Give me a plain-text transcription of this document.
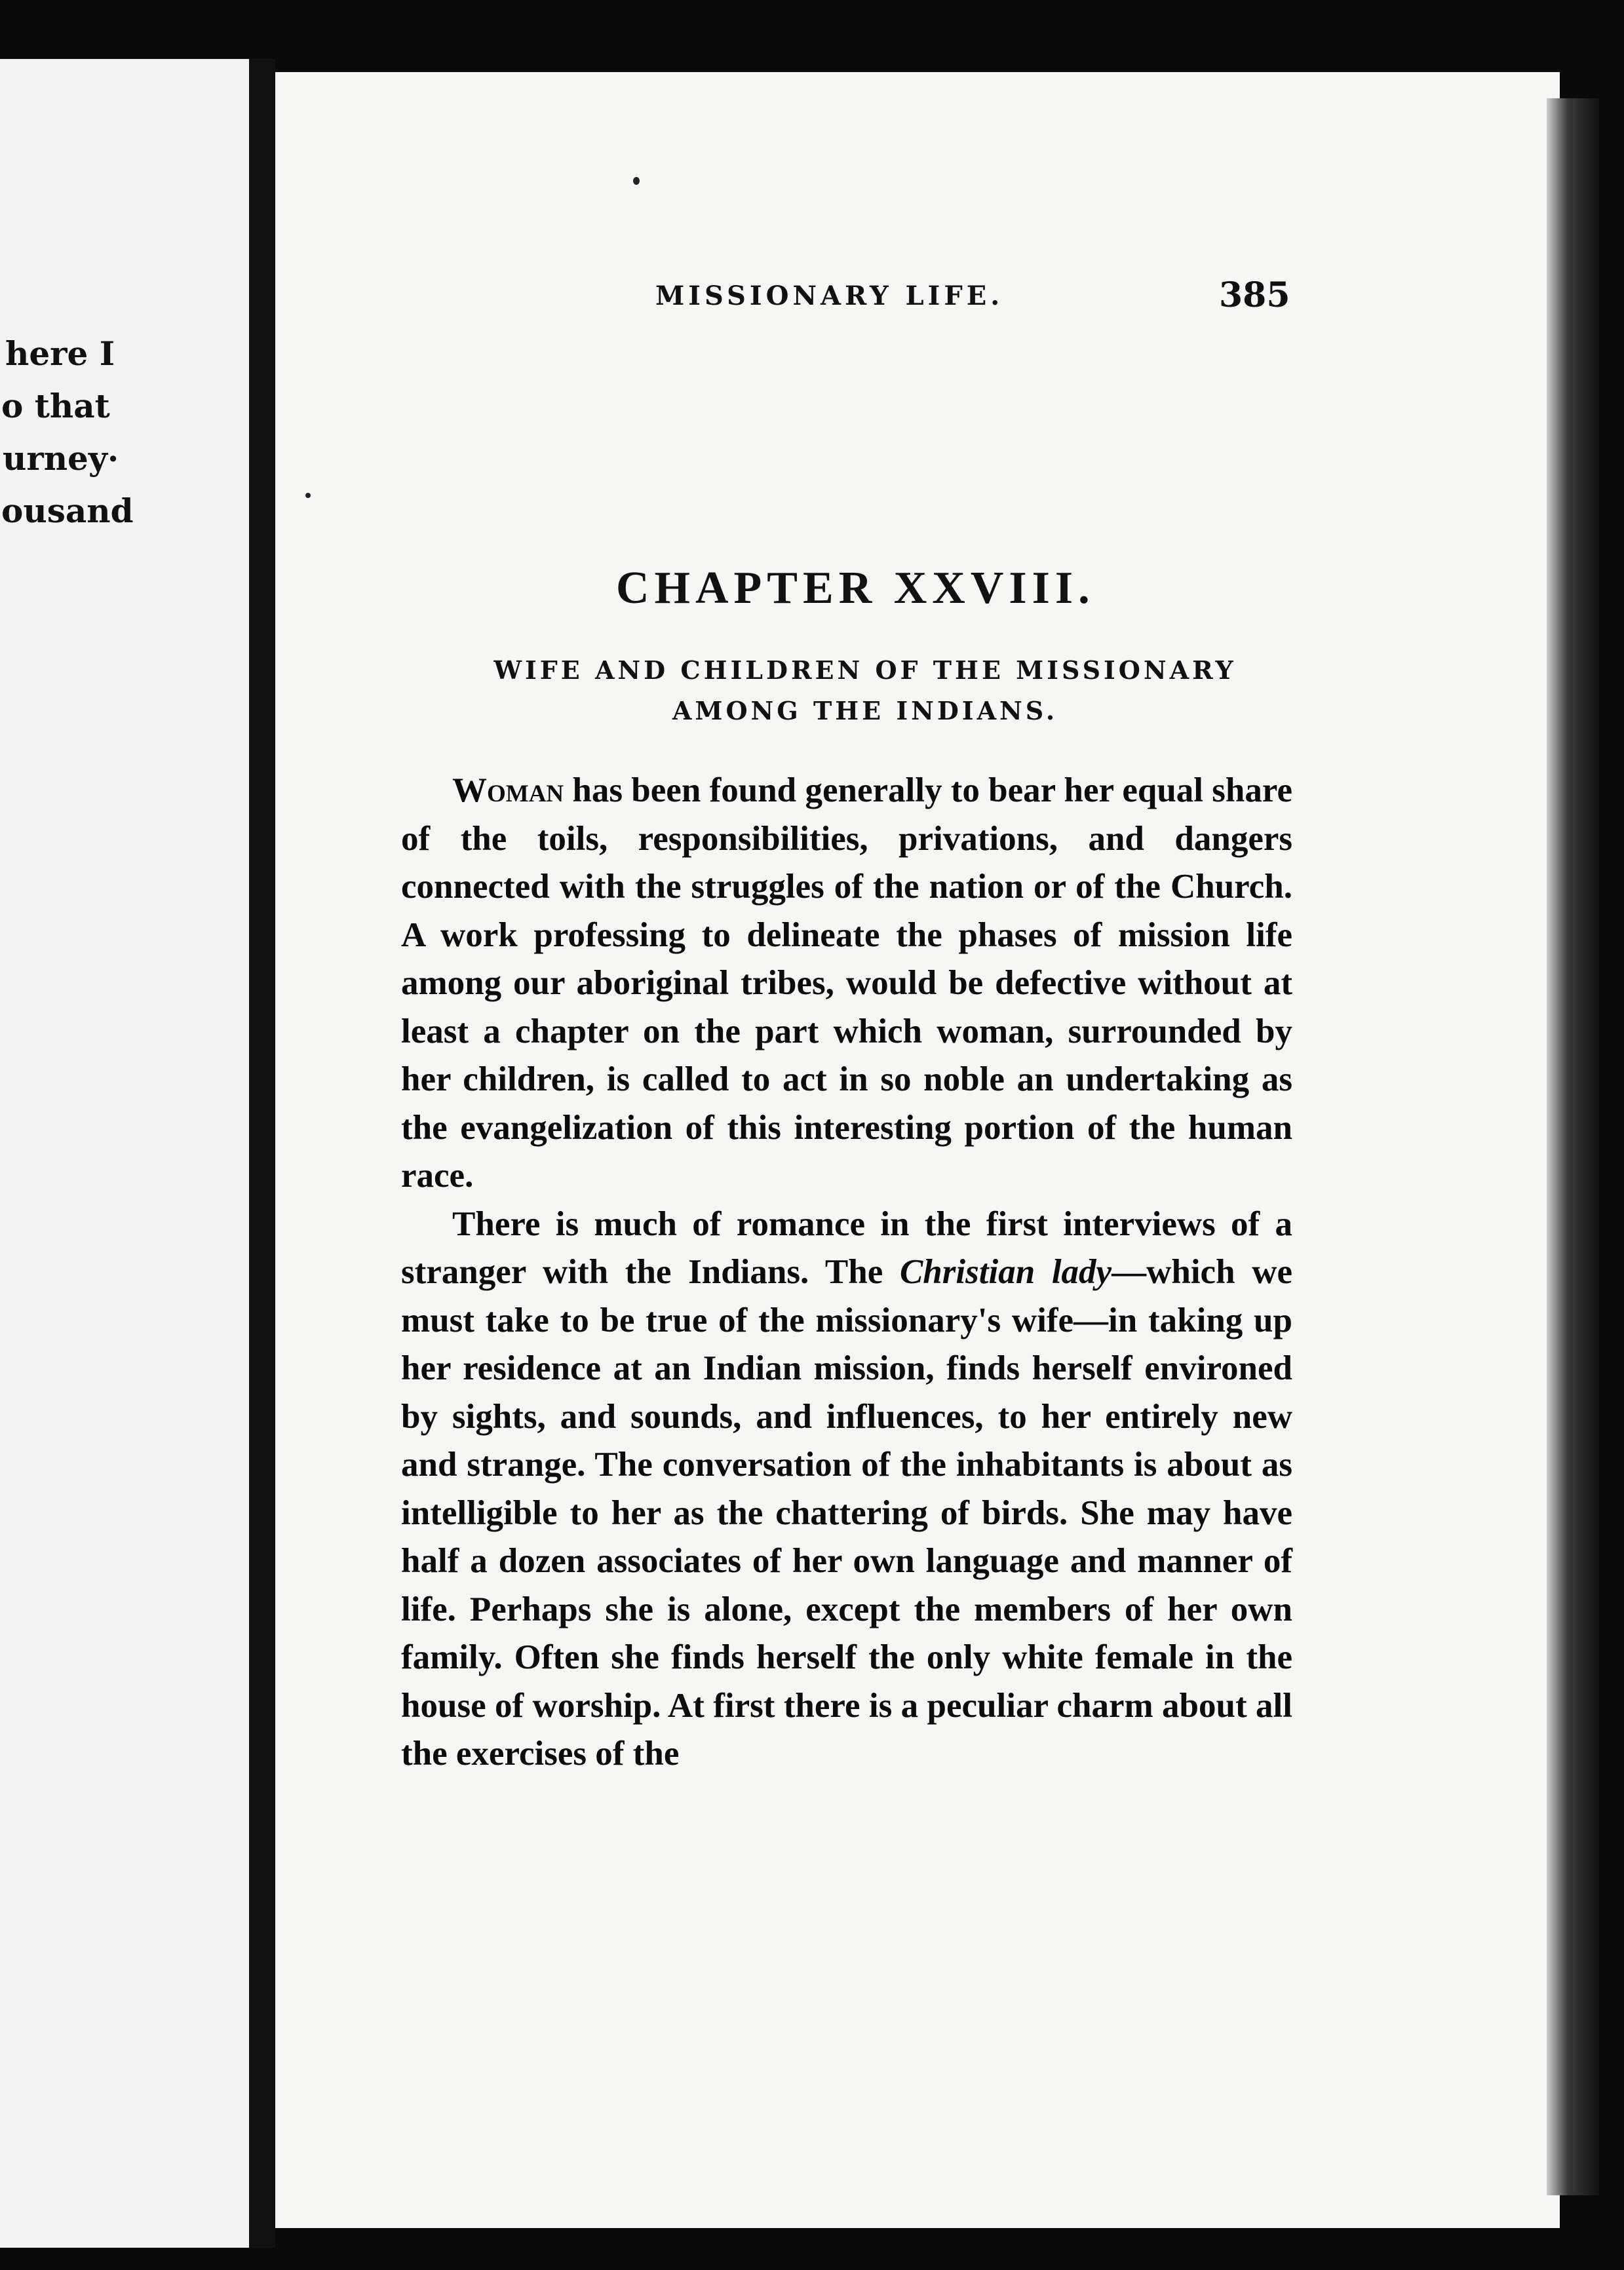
here I
o that
urney·
ousand
MISSIONARY LIFE.	385
CHAPTER XXVIII.
WIFE AND CHILDREN OF THE MISSIONARY
AMONG THE INDIANS.

Woman has been found generally to bear her equal share of the toils, responsibilities, privations, and dangers connected with the struggles of the nation or of the Church. A work professing to delineate the phases of mission life among our aboriginal tribes, would be defective without at least a chapter on the part which woman, surrounded by her children, is called to act in so noble an undertaking as the evangelization of this interesting portion of the human race.

There is much of romance in the first interviews of a stranger with the Indians. The Christian lady—which we must take to be true of the missionary's wife—in taking up her residence at an Indian mission, finds herself environed by sights, and sounds, and influences, to her entirely new and strange. The conversation of the inhabitants is about as intelligible to her as the chattering of birds. She may have half a dozen associates of her own language and manner of life. Perhaps she is alone, except the members of her own family. Often she finds herself the only white female in the house of worship. At first there is a peculiar charm about all the exercises of the
